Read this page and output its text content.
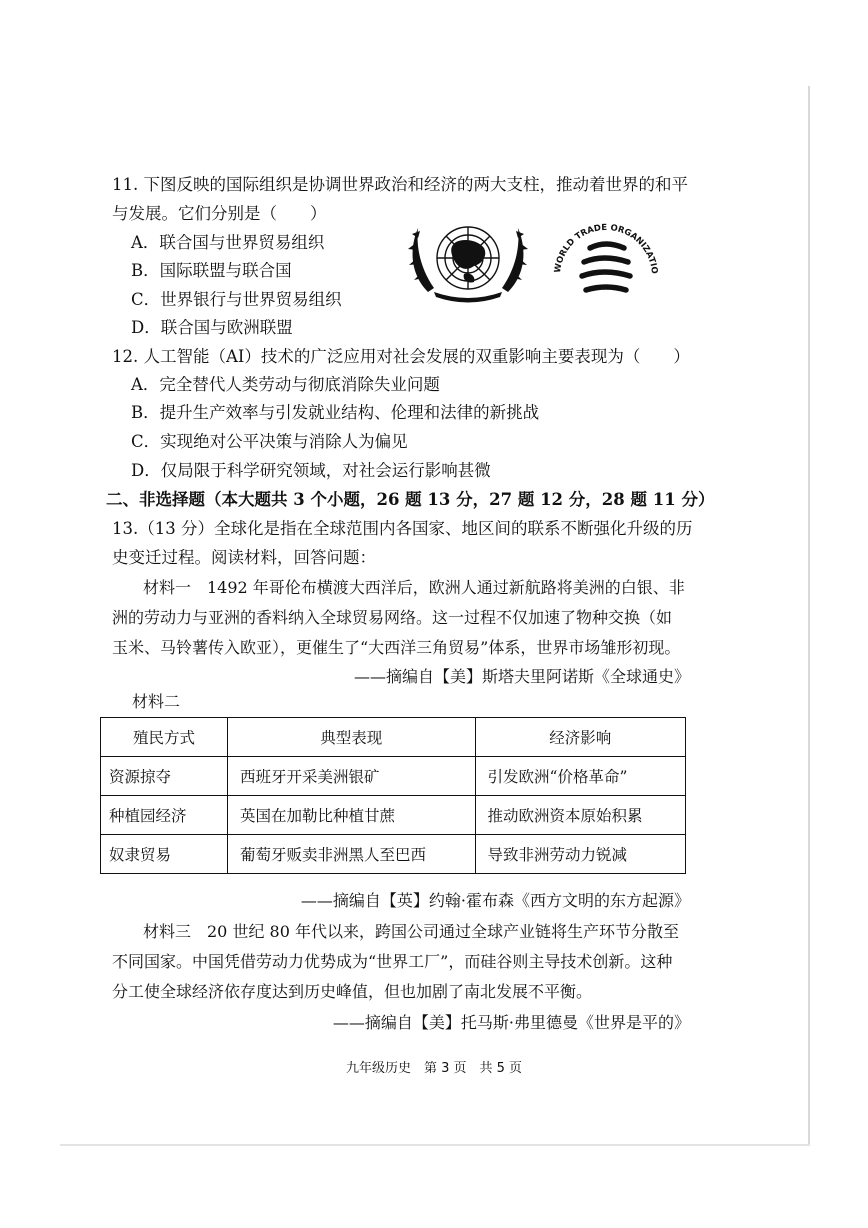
11. 下图反映的国际组织是协调世界政治和经济的两大支柱，推动着世界的和平
与发展。它们分别是（　　）
A．联合国与世界贸易组织
B．国际联盟与联合国
C．世界银行与世界贸易组织
D．联合国与欧洲联盟
WORLD TRADE ORGANIZATIO
12. 人工智能（AI）技术的广泛应用对社会发展的双重影响主要表现为（　　）
A．完全替代人类劳动与彻底消除失业问题
B．提升生产效率与引发就业结构、伦理和法律的新挑战
C．实现绝对公平决策与消除人为偏见
D．仅局限于科学研究领域，对社会运行影响甚微
二、非选择题（本大题共 3 个小题，26 题 13 分，27 题 12 分，28 题 11 分）
13.（13 分）全球化是指在全球范围内各国家、地区间的联系不断强化升级的历
史变迁过程。阅读材料，回答问题：
材料一　1492 年哥伦布横渡大西洋后，欧洲人通过新航路将美洲的白银、非
洲的劳动力与亚洲的香料纳入全球贸易网络。这一过程不仅加速了物种交换（如
玉米、马铃薯传入欧亚），更催生了“大西洋三角贸易”体系，世界市场雏形初现。
——摘编自【美】斯塔夫里阿诺斯《全球通史》
材料二
殖民方式	典型表现	经济影响
资源掠夺	西班牙开采美洲银矿	引发欧洲“价格革命”
种植园经济	英国在加勒比种植甘蔗	推动欧洲资本原始积累
奴隶贸易	葡萄牙贩卖非洲黑人至巴西	导致非洲劳动力锐减
——摘编自【英】约翰·霍布森《西方文明的东方起源》
材料三　20 世纪 80 年代以来，跨国公司通过全球产业链将生产环节分散至
不同国家。中国凭借劳动力优势成为“世界工厂”，而硅谷则主导技术创新。这种
分工使全球经济依存度达到历史峰值，但也加剧了南北发展不平衡。
——摘编自【美】托马斯·弗里德曼《世界是平的》
九年级历史　第 3 页　共 5 页
